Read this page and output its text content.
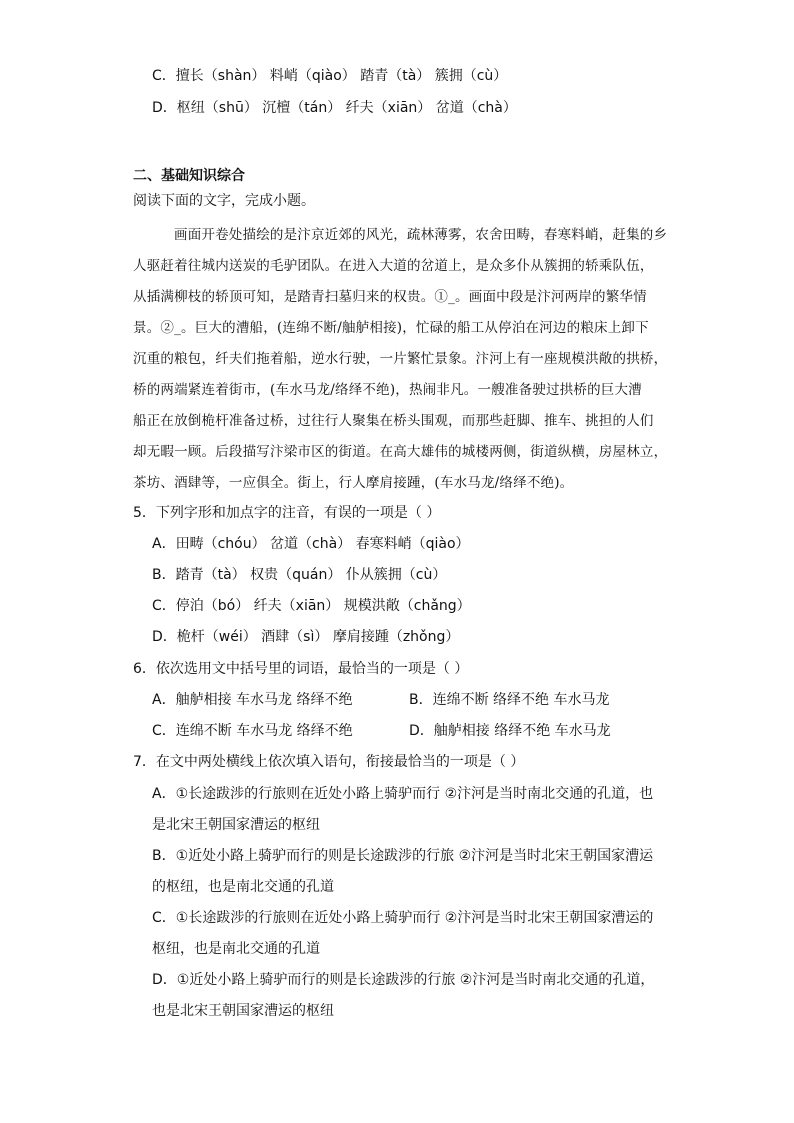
C．擅长（shàn） 料峭（qiào） 踏青（tà） 簇拥（cù）
D．枢纽（shū） 沉檀（tán） 纤夫（xiān） 岔道（chà）
二、基础知识综合
阅读下面的文字，完成小题。
画面开卷处描绘的是汴京近郊的风光，疏林薄雾，农舍田畴，春寒料峭，赶集的乡
人驱赶着往城内送炭的毛驴团队。在进入大道的岔道上，是众多仆从簇拥的轿乘队伍，
从插满柳枝的轿顶可知，是踏青扫墓归来的权贵。①_。画面中段是汴河两岸的繁华情
景。②_。巨大的漕船，(连绵不断/舳舻相接)，忙碌的船工从停泊在河边的粮床上卸下
沉重的粮包，纤夫们拖着船，逆水行驶，一片繁忙景象。汴河上有一座规模洪敞的拱桥，
桥的两端紧连着街市，(车水马龙/络绎不绝)，热闹非凡。一艘准备驶过拱桥的巨大漕
船正在放倒桅杆准备过桥，过往行人聚集在桥头围观，而那些赶脚、推车、挑担的人们
却无暇一顾。后段描写汴梁市区的街道。在高大雄伟的城楼两侧，街道纵横，房屋林立，
茶坊、酒肆等，一应俱全。街上，行人摩肩接踵，(车水马龙/络绎不绝)。
5．下列字形和加点字的注音，有误的一项是（ ）
A．田畴（chóu） 岔道（chà） 春寒料峭（qiào）
B．踏青（tà） 权贵（quán） 仆从簇拥（cù）
C．停泊（bó） 纤夫（xiān） 规模洪敞（chǎng）
D．桅杆（wéi） 酒肆（sì） 摩肩接踵（zhǒng）
6．依次选用文中括号里的词语，最恰当的一项是（ ）
A．舳舻相接 车水马龙 络绎不绝	B．连绵不断 络绎不绝 车水马龙
C．连绵不断 车水马龙 络绎不绝	D．舳舻相接 络绎不绝 车水马龙
7．在文中两处横线上依次填入语句，衔接最恰当的一项是（ ）
A．①长途跋涉的行旅则在近处小路上骑驴而行 ②汴河是当时南北交通的孔道，也
是北宋王朝国家漕运的枢纽
B．①近处小路上骑驴而行的则是长途跋涉的行旅 ②汴河是当时北宋王朝国家漕运
的枢纽，也是南北交通的孔道
C．①长途跋涉的行旅则在近处小路上骑驴而行 ②汴河是当时北宋王朝国家漕运的
枢纽，也是南北交通的孔道
D．①近处小路上骑驴而行的则是长途跋涉的行旅 ②汴河是当时南北交通的孔道，
也是北宋王朝国家漕运的枢纽
